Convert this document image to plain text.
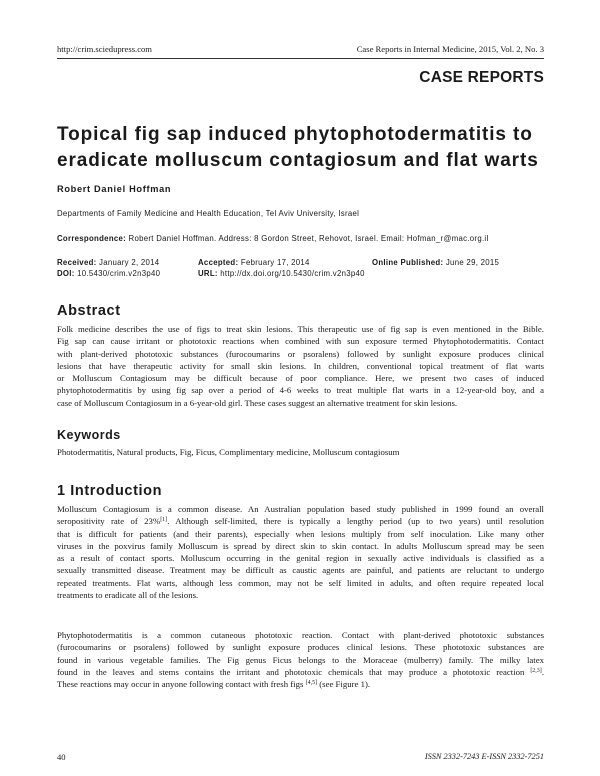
http://crim.sciedupress.com	Case Reports in Internal Medicine, 2015, Vol. 2, No. 3
CASE REPORTS
Topical fig sap induced phytophotodermatitis to
eradicate molluscum contagiosum and flat warts
Robert Daniel Hoffman
Departments of Family Medicine and Health Education, Tel Aviv University, Israel
Correspondence: Robert Daniel Hoffman. Address: 8 Gordon Street, Rehovot, Israel. Email: Hofman_r@mac.org.il
Received: January 2, 2014	Accepted: February 17, 2014	Online Published: June 29, 2015
DOI: 10.5430/crim.v2n3p40	URL: http://dx.doi.org/10.5430/crim.v2n3p40
Abstract
Folk medicine describes the use of figs to treat skin lesions. This therapeutic use of fig sap is even mentioned in the Bible.
Fig sap can cause irritant or phototoxic reactions when combined with sun exposure termed Phytophotodermatitis. Contact
with plant-derived phototoxic substances (furocoumarins or psoralens) followed by sunlight exposure produces clinical
lesions that have therapeutic activity for small skin lesions. In children, conventional topical treatment of flat warts
or Molluscum Contagiosum may be difficult because of poor compliance. Here, we present two cases of induced
phytophotodermatitis by using fig sap over a period of 4-6 weeks to treat multiple flat warts in a 12-year-old boy, and a
case of Molluscum Contagiosum in a 6-year-old girl. These cases suggest an alternative treatment for skin lesions.
Keywords
Photodermatitis, Natural products, Fig, Ficus, Complimentary medicine, Molluscum contagiosum
1 Introduction
Molluscum Contagiosum is a common disease. An Australian population based study published in 1999 found an overall
seropositivity rate of 23%[1]. Although self-limited, there is typically a lengthy period (up to two years) until resolution
that is difficult for patients (and their parents), especially when lesions multiply from self inoculation. Like many other
viruses in the poxvirus family Molluscum is spread by direct skin to skin contact. In adults Molluscum spread may be seen
as a result of contact sports. Molluscum occurring in the genital region in sexually active individuals is classified as a
sexually transmitted disease. Treatment may be difficult as caustic agents are painful, and patients are reluctant to undergo
repeated treatments. Flat warts, although less common, may not be self limited in adults, and often require repeated local
treatments to eradicate all of the lesions.
Phytophotodermatitis is a common cutaneous phototoxic reaction. Contact with plant-derived phototoxic substances
(furocoumarins or psoralens) followed by sunlight exposure produces clinical lesions. These phototoxic substances are
found in various vegetable families. The Fig genus Ficus belongs to the Moraceae (mulberry) family. The milky latex
found in the leaves and stems contains the irritant and phototoxic chemicals that may produce a phototoxic reaction [2,3].
These reactions may occur in anyone following contact with fresh figs [4,5] (see Figure 1).
40	ISSN 2332-7243 E-ISSN 2332-7251
